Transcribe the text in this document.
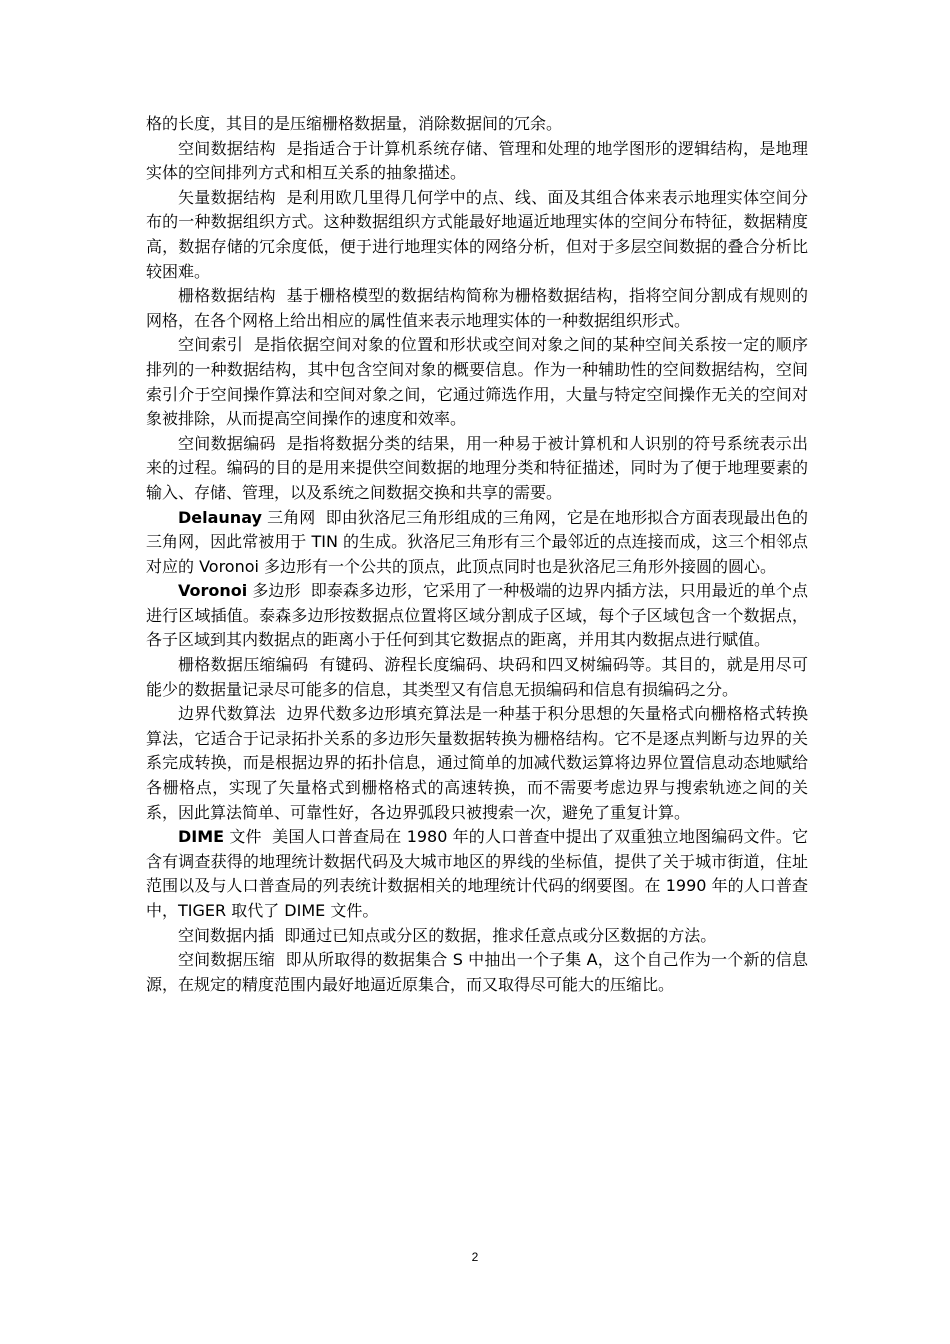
格的长度，其目的是压缩栅格数据量，消除数据间的冗余。

空间数据结构 是指适合于计算机系统存储、管理和处理的地学图形的逻辑结构，是地理实体的空间排列方式和相互关系的抽象描述。

矢量数据结构 是利用欧几里得几何学中的点、线、面及其组合体来表示地理实体空间分布的一种数据组织方式。这种数据组织方式能最好地逼近地理实体的空间分布特征，数据精度高，数据存储的冗余度低，便于进行地理实体的网络分析，但对于多层空间数据的叠合分析比较困难。

栅格数据结构 基于栅格模型的数据结构简称为栅格数据结构，指将空间分割成有规则的网格，在各个网格上给出相应的属性值来表示地理实体的一种数据组织形式。

空间索引 是指依据空间对象的位置和形状或空间对象之间的某种空间关系按一定的顺序排列的一种数据结构，其中包含空间对象的概要信息。作为一种辅助性的空间数据结构，空间索引介于空间操作算法和空间对象之间，它通过筛选作用，大量与特定空间操作无关的空间对象被排除，从而提高空间操作的速度和效率。

空间数据编码 是指将数据分类的结果，用一种易于被计算机和人识别的符号系统表示出来的过程。编码的目的是用来提供空间数据的地理分类和特征描述，同时为了便于地理要素的输入、存储、管理，以及系统之间数据交换和共享的需要。

Delaunay 三角网 即由狄洛尼三角形组成的三角网，它是在地形拟合方面表现最出色的三角网，因此常被用于 TIN 的生成。狄洛尼三角形有三个最邻近的点连接而成，这三个相邻点对应的 Voronoi 多边形有一个公共的顶点，此顶点同时也是狄洛尼三角形外接圆的圆心。

Voronoi 多边形 即泰森多边形，它采用了一种极端的边界内插方法，只用最近的单个点进行区域插值。泰森多边形按数据点位置将区域分割成子区域，每个子区域包含一个数据点，各子区域到其内数据点的距离小于任何到其它数据点的距离，并用其内数据点进行赋值。

栅格数据压缩编码 有键码、游程长度编码、块码和四叉树编码等。其目的，就是用尽可能少的数据量记录尽可能多的信息，其类型又有信息无损编码和信息有损编码之分。

边界代数算法 边界代数多边形填充算法是一种基于积分思想的矢量格式向栅格格式转换算法，它适合于记录拓扑关系的多边形矢量数据转换为栅格结构。它不是逐点判断与边界的关系完成转换，而是根据边界的拓扑信息，通过简单的加减代数运算将边界位置信息动态地赋给各栅格点，实现了矢量格式到栅格格式的高速转换，而不需要考虑边界与搜索轨迹之间的关系，因此算法简单、可靠性好，各边界弧段只被搜索一次，避免了重复计算。

DIME 文件 美国人口普查局在 1980 年的人口普查中提出了双重独立地图编码文件。它含有调查获得的地理统计数据代码及大城市地区的界线的坐标值，提供了关于城市街道，住址范围以及与人口普查局的列表统计数据相关的地理统计代码的纲要图。在 1990 年的人口普查中，TIGER 取代了 DIME 文件。

空间数据内插 即通过已知点或分区的数据，推求任意点或分区数据的方法。

空间数据压缩 即从所取得的数据集合 S 中抽出一个子集 A，这个自己作为一个新的信息源，在规定的精度范围内最好地逼近原集合，而又取得尽可能大的压缩比。

2
